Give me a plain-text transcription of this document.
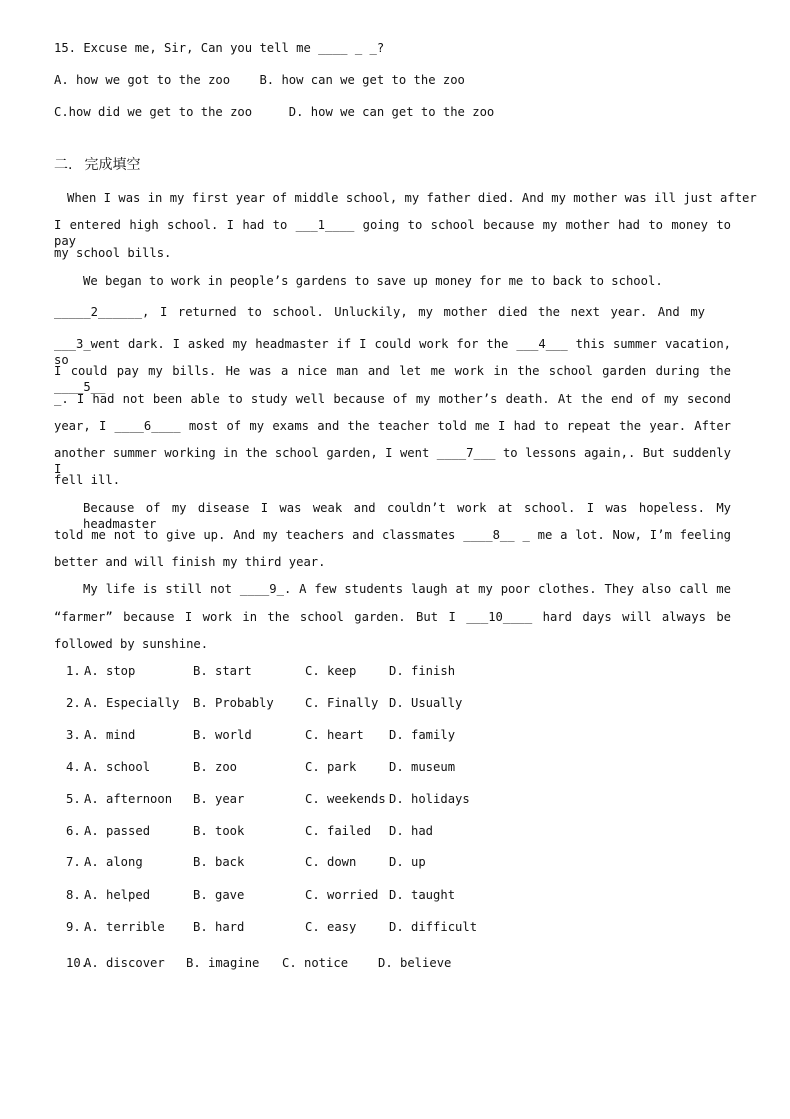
15. Excuse me, Sir, Can you tell me ____ _ _?
A. how we got to the zoo    B. how can we get to the zoo
C.how did we get to the zoo     D. how we can get to the zoo
二. 完成填空
When I was in my first year of middle school, my father died. And my mother was ill just after
I entered high school. I had to ___1____ going to school because my mother had to money to pay
my school bills.
We began to work in people’s gardens to save up money for me to back to school.
_____2______, I returned to school. Unluckily, my mother died the next year. And my
___3_went dark. I asked my headmaster if I could work for the ___4___ this summer vacation, so
I could pay my bills. He was a nice man and let me work in the school garden during the ____5__
_. I had not been able to study well because of my mother’s death. At the end of my second
year, I ____6____ most of my exams and the teacher told me I had to repeat the year. After
another summer working in the school garden, I went ____7___ to lessons again,. But suddenly I
fell ill.
Because of my disease I was weak and couldn’t work at school. I was hopeless. My headmaster
told me not to give up. And my teachers and classmates ____8__ _ me a lot. Now, I’m feeling
better and will finish my third year.
My life is still not ____9_. A few students laugh at my poor clothes. They also call me
“farmer” because I work in the school garden. But I ___10____ hard days will always be
followed by sunshine.
1. A. stop	B. start	C. keep	D. finish
2. A. Especially B. Probably	C. Finally D. Usually
3. A. mind	B. world	C. heart D. family
4. A. school	B. zoo	C. park	D. museum
5. A. afternoon B. year	C. weekends D. holidays
6. A. passed	B. took	C. failed D. had
7. A. along	B. back	C. down	D. up
8. A. helped	B. gave	C. worried D. taught
9. A. terrible B. hard	C. easy	D. difficult
10.
A. discover B. imagine C. notice D. believe
